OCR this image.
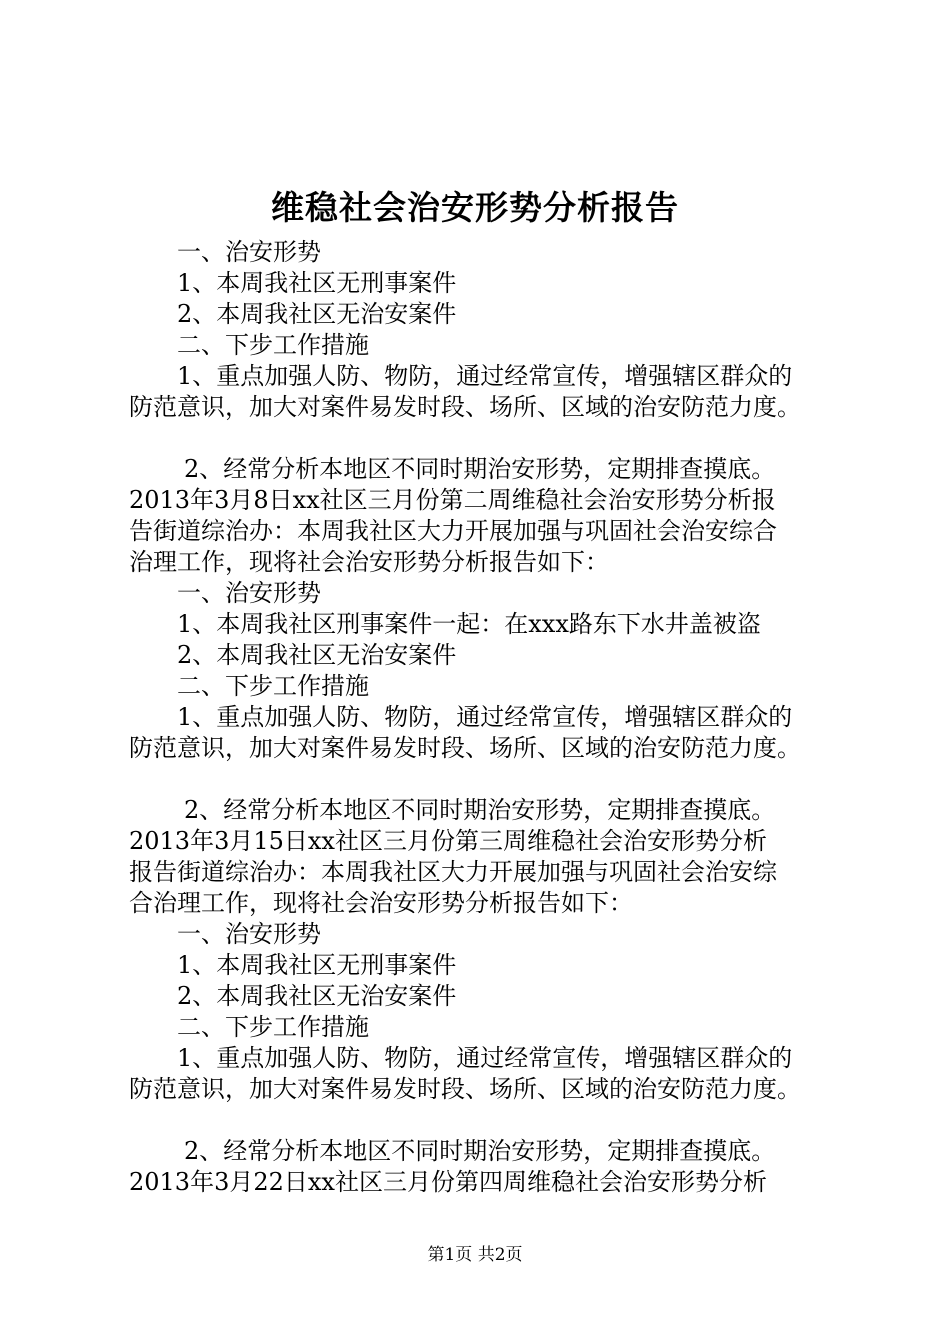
维稳社会治安形势分析报告
一、治安形势
1、本周我社区无刑事案件
2、本周我社区无治安案件
二、下步工作措施
1、重点加强人防、物防，通过经常宣传，增强辖区群众的
防范意识，加大对案件易发时段、场所、区域的治安防范力度。
2、经常分析本地区不同时期治安形势，定期排查摸底。
2013年3月8日xx社区三月份第二周维稳社会治安形势分析报
告街道综治办：本周我社区大力开展加强与巩固社会治安综合
治理工作，现将社会治安形势分析报告如下：
一、治安形势
1、本周我社区刑事案件一起：在xxx路东下水井盖被盗
2、本周我社区无治安案件
二、下步工作措施
1、重点加强人防、物防，通过经常宣传，增强辖区群众的
防范意识，加大对案件易发时段、场所、区域的治安防范力度。
2、经常分析本地区不同时期治安形势，定期排查摸底。
2013年3月15日xx社区三月份第三周维稳社会治安形势分析
报告街道综治办：本周我社区大力开展加强与巩固社会治安综
合治理工作，现将社会治安形势分析报告如下：
一、治安形势
1、本周我社区无刑事案件
2、本周我社区无治安案件
二、下步工作措施
1、重点加强人防、物防，通过经常宣传，增强辖区群众的
防范意识，加大对案件易发时段、场所、区域的治安防范力度。
2、经常分析本地区不同时期治安形势，定期排查摸底。
2013年3月22日xx社区三月份第四周维稳社会治安形势分析
第1页 共2页
